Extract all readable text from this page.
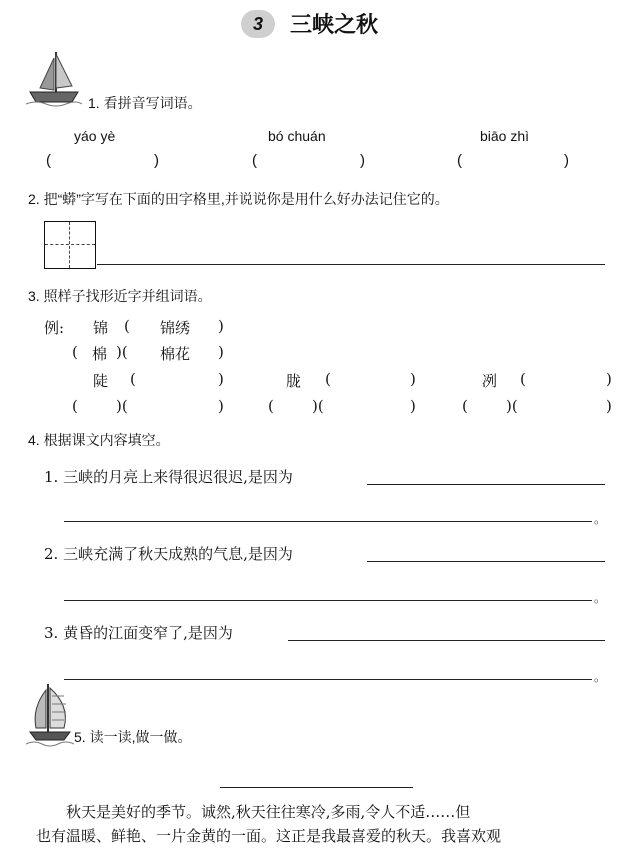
3	三峡之秋
1. 看拼音写词语。
yáo yè	bó chuán	biāo zhì
(	)	(	)	(	)
2. 把“蟒”字写在下面的田字格里,并说说你是用什么好办法记住它的。
3. 照样子找形近字并组词语。
例: 锦 ( 锦绣 )
( 棉 )( 棉花 )
陡 (	)	胧 (	)	冽 (	)
(	)(	)	(	)(	)	(	)(	)
4. 根据课文内容填空。
1. 三峡的月亮上来得很迟很迟,是因为
。
2. 三峡充满了秋天成熟的气息,是因为
。
3. 黄昏的江面变窄了,是因为
。
5. 读一读,做一做。
秋天是美好的季节。诚然,秋天往往寒冷,多雨,令人不适……但
也有温暖、鲜艳、一片金黄的一面。这正是我最喜爱的秋天。我喜欢观
